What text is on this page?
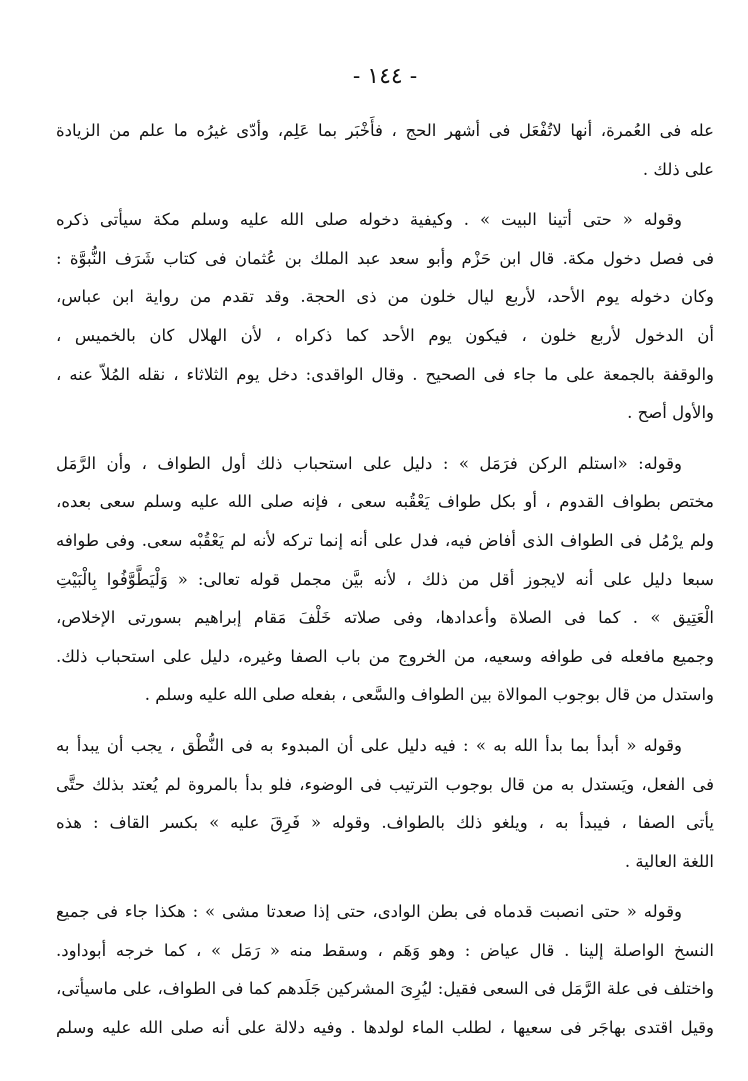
- ١٤٤ -
عله فى العُمرة، أنها لاتُفْعَل فى أشهر الحج ، فأَخْبَر بما عَلِم، وأدّى غيرُه ما علم من الزيادة
على ذلك .
وقوله « حتى أتينا البيت » . وكيفية دخوله صلى الله عليه وسلم مكة سيأتى ذكره
فى فصل دخول مكة. قال ابن حَزْم وأبو سعد عبد الملك بن عُثمان فى كتاب شَرَف النُّبوَّة :
وكان دخوله يوم الأحد، لأربع ليال خلون من ذى الحجة. وقد تقدم من رواية ابن عباس،
أن الدخول لأربع خلون ، فيكون يوم الأحد كما ذكراه ، لأن الهلال كان بالخميس ،
والوقفة بالجمعة على ما جاء فى الصحيح . وقال الواقدى: دخل يوم الثلاثاء ، نقله المُلاّ عنه ،
والأول أصح .
وقوله: «استلم الركن فرَمَل » : دليل على استحباب ذلك أول الطواف ، وأن الرَّمَل
مختص بطواف القدوم ، أو بكل طواف يَعْقُبه سعى ، فإنه صلى الله عليه وسلم سعى بعده،
ولم يرْمُل فى الطواف الذى أفاض فيه، فدل على أنه إنما تركه لأنه لم يَعْقُبْه سعى. وفى طوافه
سبعا دليل على أنه لايجوز أقل من ذلك ، لأنه بيَّن مجمل قوله تعالى: « وَلْيَطَّوَّفُوا بِالْبَيْتِ
الْعَتِيق » . كما فى الصلاة وأعدادها، وفى صلاته خَلْفَ مَقام إبراهيم بسورتى الإخلاص،
وجميع مافعله فى طوافه وسعيه، من الخروج من باب الصفا وغيره، دليل على استحباب ذلك.
واستدل من قال بوجوب الموالاة بين الطواف والسَّعى ، بفعله صلى الله عليه وسلم .
وقوله « أبدأ بما بدأ الله به » : فيه دليل على أن المبدوء به فى النُّطْق ، يجب أن يبدأ به
فى الفعل، ويَستدل به من قال بوجوب الترتيب فى الوضوء، فلو بدأ بالمروة لم يُعتد بذلك حتَّى
يأتى الصفا ، فيبدأ به ، ويلغو ذلك بالطواف. وقوله « فَرِقَ عليه » بكسر القاف : هذه
اللغة العالية .
وقوله « حتى انصبت قدماه فى بطن الوادى، حتى إذا صعدتا مشى » : هكذا جاء فى جميع
النسخ الواصلة إلينا . قال عياض : وهو وَهَم ، وسقط منه « رَمَل » ، كما خرجه أبوداود.
واختلف فى علة الرَّمَل فى السعى فقيل: ليُرِىَ المشركين جَلَدهم كما فى الطواف، على ماسيأتى،
وقيل اقتدى بهاجَر فى سعيها ، لطلب الماء لولدها . وفيه دلالة على أنه صلى الله عليه وسلم
